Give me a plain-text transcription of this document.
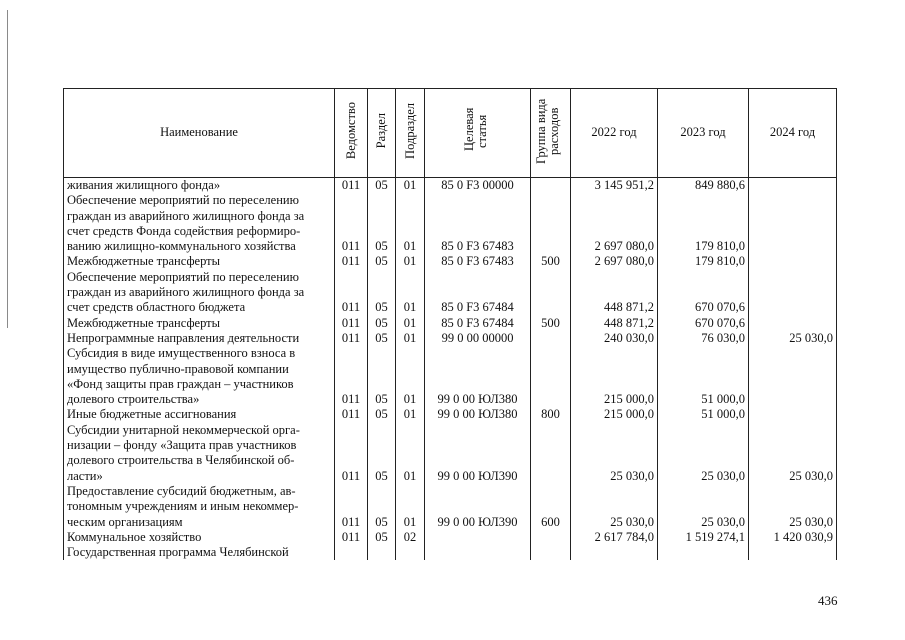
Наименование	Ведомство	Раздел	Подраздел	Целевая статья	Группа вида расходов	2022 год	2023 год	2024 год
живания жилищного фонда»	011	05	01	85 0 F3 00000		3 145 951,2	849 880,6	
Обеспечение мероприятий по переселению								
граждан из аварийного жилищного фонда за								
счет средств Фонда содействия реформиро-								
ванию жилищно-коммунального хозяйства	011	05	01	85 0 F3 67483		2 697 080,0	179 810,0	
Межбюджетные трансферты	011	05	01	85 0 F3 67483	500	2 697 080,0	179 810,0	
Обеспечение мероприятий по переселению								
граждан из аварийного жилищного фонда за								
счет средств областного бюджета	011	05	01	85 0 F3 67484		448 871,2	670 070,6	
Межбюджетные трансферты	011	05	01	85 0 F3 67484	500	448 871,2	670 070,6	
Непрограммные направления деятельности	011	05	01	99 0 00 00000		240 030,0	76 030,0	25 030,0
Субсидия в виде имущественного взноса в								
имущество публично-правовой компании								
«Фонд защиты прав граждан – участников								
долевого строительства»	011	05	01	99 0 00 ЮЛ380		215 000,0	51 000,0	
Иные бюджетные ассигнования	011	05	01	99 0 00 ЮЛ380	800	215 000,0	51 000,0	
Субсидии унитарной некоммерческой орга-								
низации – фонду «Защита прав участников								
долевого строительства в Челябинской об-								
ласти»	011	05	01	99 0 00 ЮЛ390		25 030,0	25 030,0	25 030,0
Предоставление субсидий бюджетным, ав-								
тономным учреждениям и иным некоммер-								
ческим организациям	011	05	01	99 0 00 ЮЛ390	600	25 030,0	25 030,0	25 030,0
Коммунальное хозяйство	011	05	02			2 617 784,0	1 519 274,1	1 420 030,9
Государственная программа Челябинской								
436
